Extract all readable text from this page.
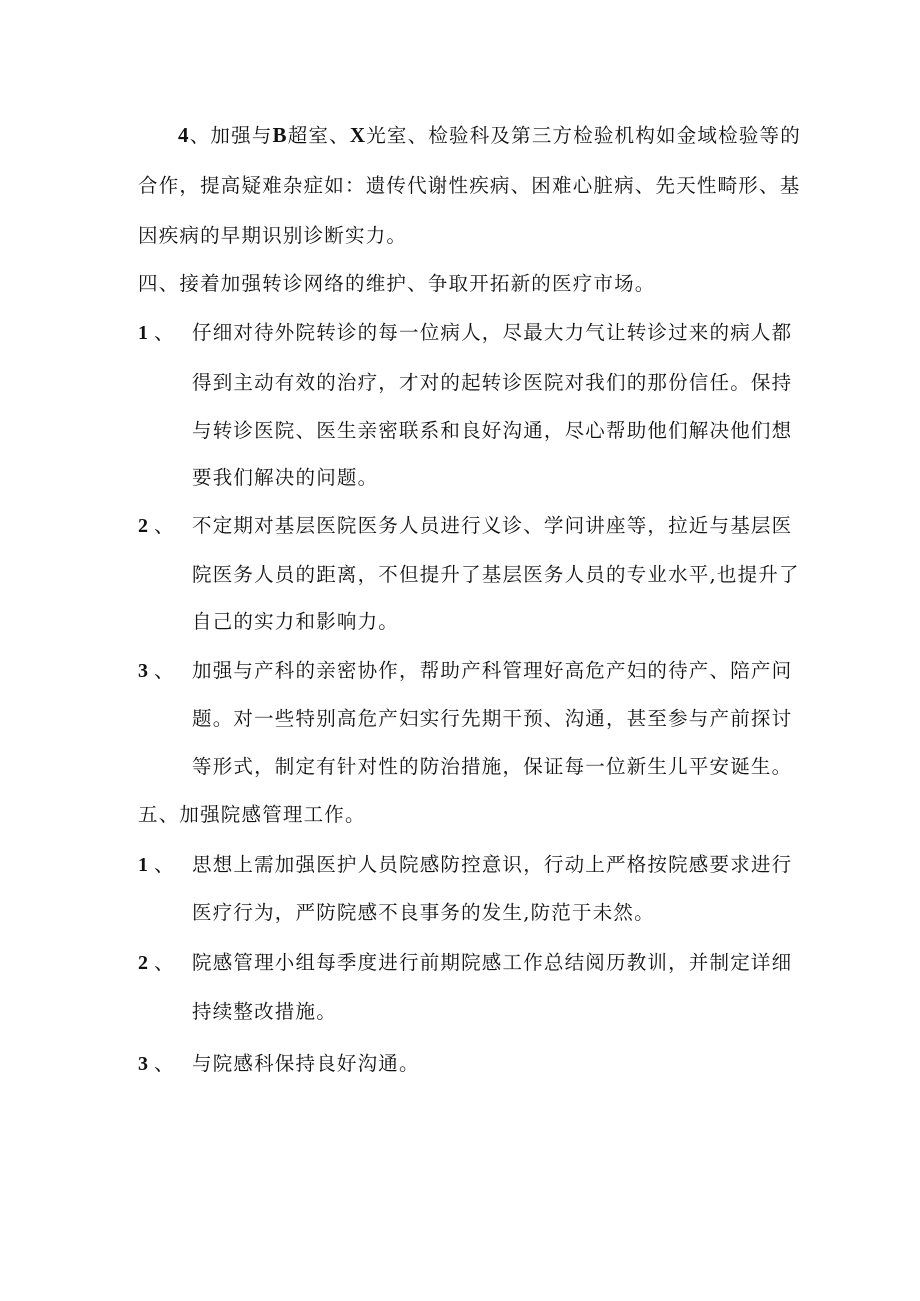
4、加强与B超室、X光室、检验科及第三方检验机构如金域检验等的
合作，提高疑难杂症如：遗传代谢性疾病、困难心脏病、先天性畸形、基
因疾病的早期识别诊断实力。
四、接着加强转诊网络的维护、争取开拓新的医疗市场。
1 、 仔细对待外院转诊的每一位病人，尽最大力气让转诊过来的病人都
得到主动有效的治疗，才对的起转诊医院对我们的那份信任。保持
与转诊医院、医生亲密联系和良好沟通，尽心帮助他们解决他们想
要我们解决的问题。
2 、 不定期对基层医院医务人员进行义诊、学问讲座等，拉近与基层医
院医务人员的距离，不但提升了基层医务人员的专业水平,也提升了
自己的实力和影响力。
3 、 加强与产科的亲密协作，帮助产科管理好高危产妇的待产、陪产问
题。对一些特别高危产妇实行先期干预、沟通，甚至参与产前探讨
等形式，制定有针对性的防治措施，保证每一位新生儿平安诞生。
五、加强院感管理工作。
1 、 思想上需加强医护人员院感防控意识，行动上严格按院感要求进行
医疗行为，严防院感不良事务的发生,防范于未然。
2 、 院感管理小组每季度进行前期院感工作总结阅历教训，并制定详细
持续整改措施。
3 、 与院感科保持良好沟通。
